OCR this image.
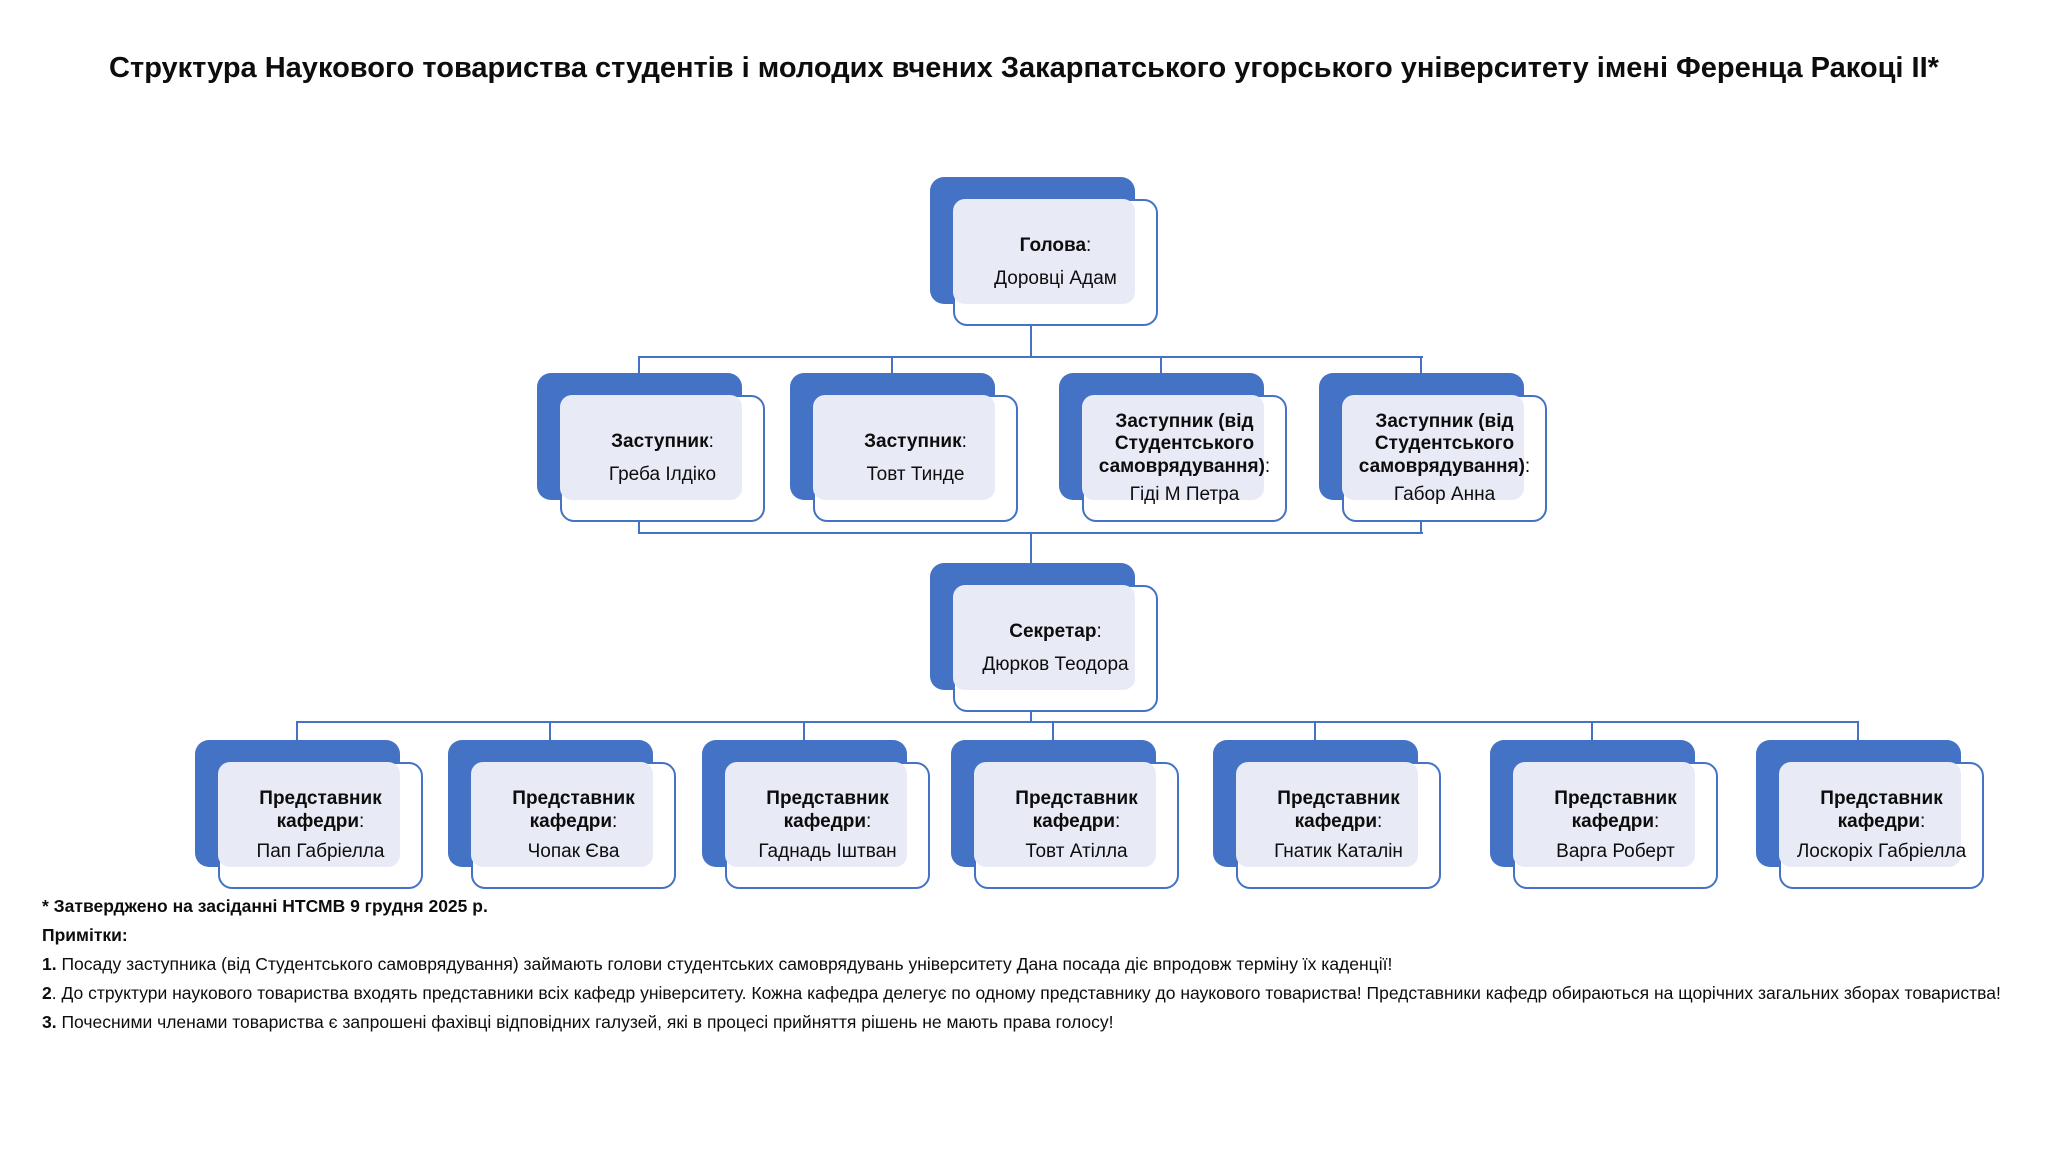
Структура Наукового товариства студентів і молодих вчених Закарпатського угорського університету імені Ференца Ракоці II*
Голова:
Доровці Адам
Заступник:
Греба Ілдіко
Заступник:
Товт Тинде
Заступник (від Студентського самоврядування):
Гіді М Петра
Заступник (від Студентського самоврядування):
Габор Анна
Секретар:
Дюрков Теодора
Представник кафедри:
Пап Габріелла
Представник кафедри:
Чопак Єва
Представник кафедри:
Гаднадь Іштван
Представник кафедри:
Товт Атілла
Представник кафедри:
Гнатик Каталін
Представник кафедри:
Варга Роберт
Представник кафедри:
Лоскоріх Габріелла
* Затверджено на засіданні НТСМВ 9 грудня 2025 р.
Примітки:
1. Посаду заступника (від Студентського самоврядування) займають голови студентських самоврядувань університету Дана посада діє впродовж терміну їх каденції!
2. До структури наукового товариства входять представники всіх кафедр університету. Кожна кафедра делегує по одному представнику до наукового товариства! Представники кафедр обираються на щорічних загальних зборах товариства!
3. Почесними членами товариства є запрошені фахівці відповідних галузей, які в процесі прийняття рішень не мають права голосу!
